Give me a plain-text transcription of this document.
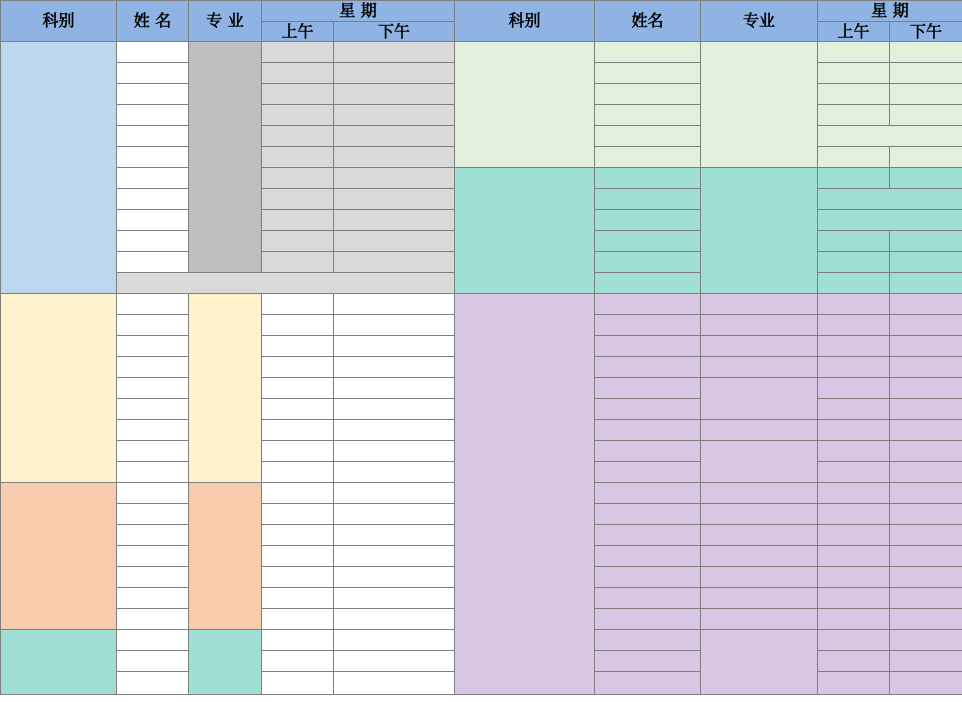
科别	姓 名	专 业	星 期		科别	姓名	专业	星 期	
			上午	下午				上午	下午
